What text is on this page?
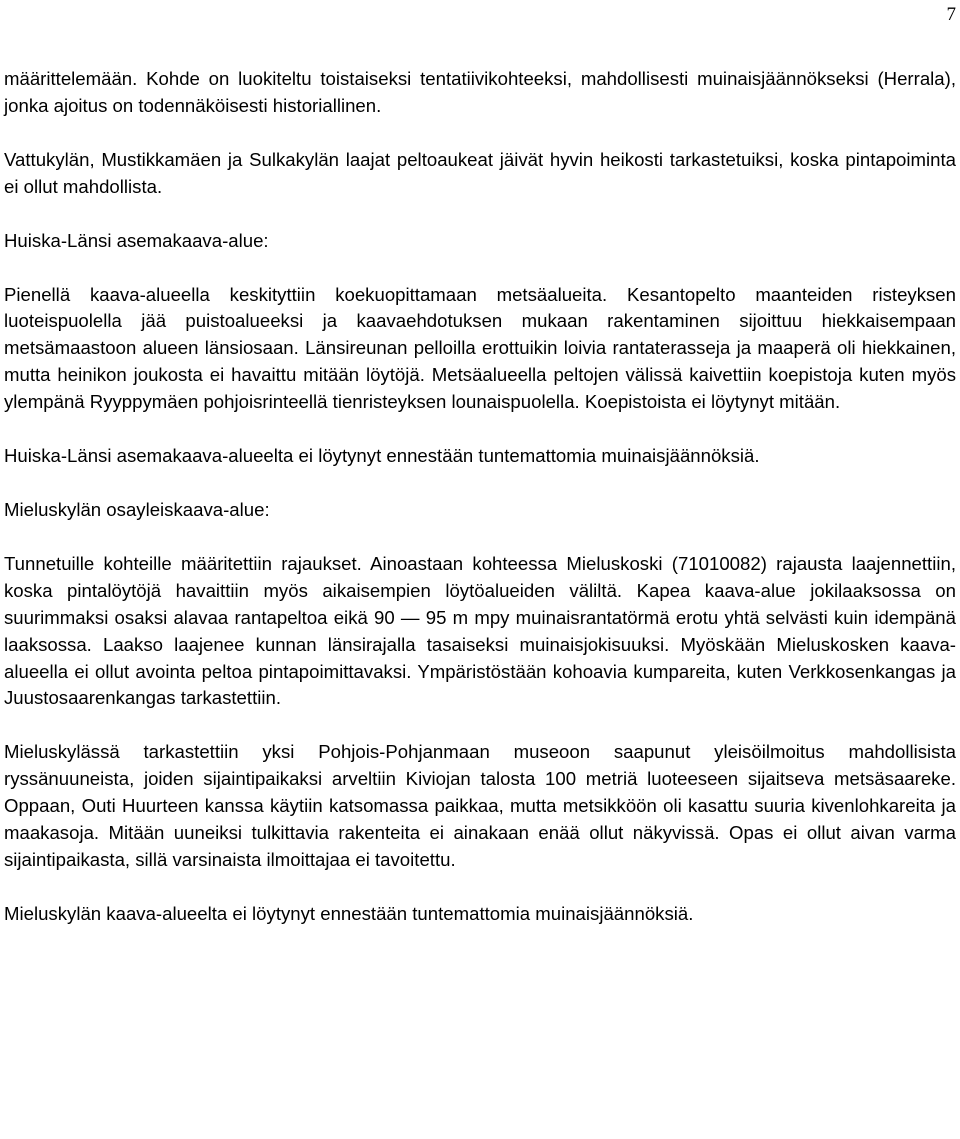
7

määrittelemään. Kohde on luokiteltu toistaiseksi tentatiivikohteeksi, mahdollisesti muinaisjäännökseksi (Herrala), jonka ajoitus on todennäköisesti historiallinen.

Vattukylän, Mustikkamäen ja Sulkakylän laajat peltoaukeat jäivät hyvin heikosti tarkastetuiksi, koska pintapoiminta ei ollut mahdollista.

Huiska-Länsi asemakaava-alue:

Pienellä kaava-alueella keskityttiin koekuopittamaan metsäalueita. Kesantopelto maanteiden risteyksen luoteispuolella jää puistoalueeksi ja kaavaehdotuksen mukaan rakentaminen sijoittuu hiekkaisempaan metsämaastoon alueen länsiosaan. Länsireunan pelloilla erottuikin loivia rantaterasseja ja maaperä oli hiekkainen, mutta heinikon joukosta ei havaittu mitään löytöjä. Metsäalueella peltojen välissä kaivettiin koepistoja kuten myös ylempänä Ryyppymäen pohjoisrinteellä tienristeyksen lounaispuolella. Koepistoista ei löytynyt mitään.

Huiska-Länsi asemakaava-alueelta ei löytynyt ennestään tuntemattomia muinaisjäännöksiä.

Mieluskylän osayleiskaava-alue:

Tunnetuille kohteille määritettiin rajaukset. Ainoastaan kohteessa Mieluskoski (71010082) rajausta laajennettiin, koska pintalöytöjä havaittiin myös aikaisempien löytöalueiden väliltä. Kapea kaava-alue jokilaaksossa on suurimmaksi osaksi alavaa rantapeltoa eikä 90 — 95 m mpy muinaisrantatörmä erotu yhtä selvästi kuin idempänä laaksossa. Laakso laajenee kunnan länsirajalla tasaiseksi muinaisjokisuuksi. Myöskään Mieluskosken kaava-alueella ei ollut avointa peltoa pintapoimittavaksi. Ympäristöstään kohoavia kumpareita, kuten Verkkosenkangas ja Juustosaarenkangas tarkastettiin.

Mieluskylässä tarkastettiin yksi Pohjois-Pohjanmaan museoon saapunut yleisöilmoitus mahdollisista ryssänuuneista, joiden sijaintipaikaksi arveltiin Kiviojan talosta 100 metriä luoteeseen sijaitseva metsäsaareke. Oppaan, Outi Huurteen kanssa käytiin katsomassa paikkaa, mutta metsikköön oli kasattu suuria kivenlohkareita ja maakasoja. Mitään uuneiksi tulkittavia rakenteita ei ainakaan enää ollut näkyvissä. Opas ei ollut aivan varma sijaintipaikasta, sillä varsinaista ilmoittajaa ei tavoitettu.

Mieluskylän kaava-alueelta ei löytynyt ennestään tuntemattomia muinaisjäännöksiä.
